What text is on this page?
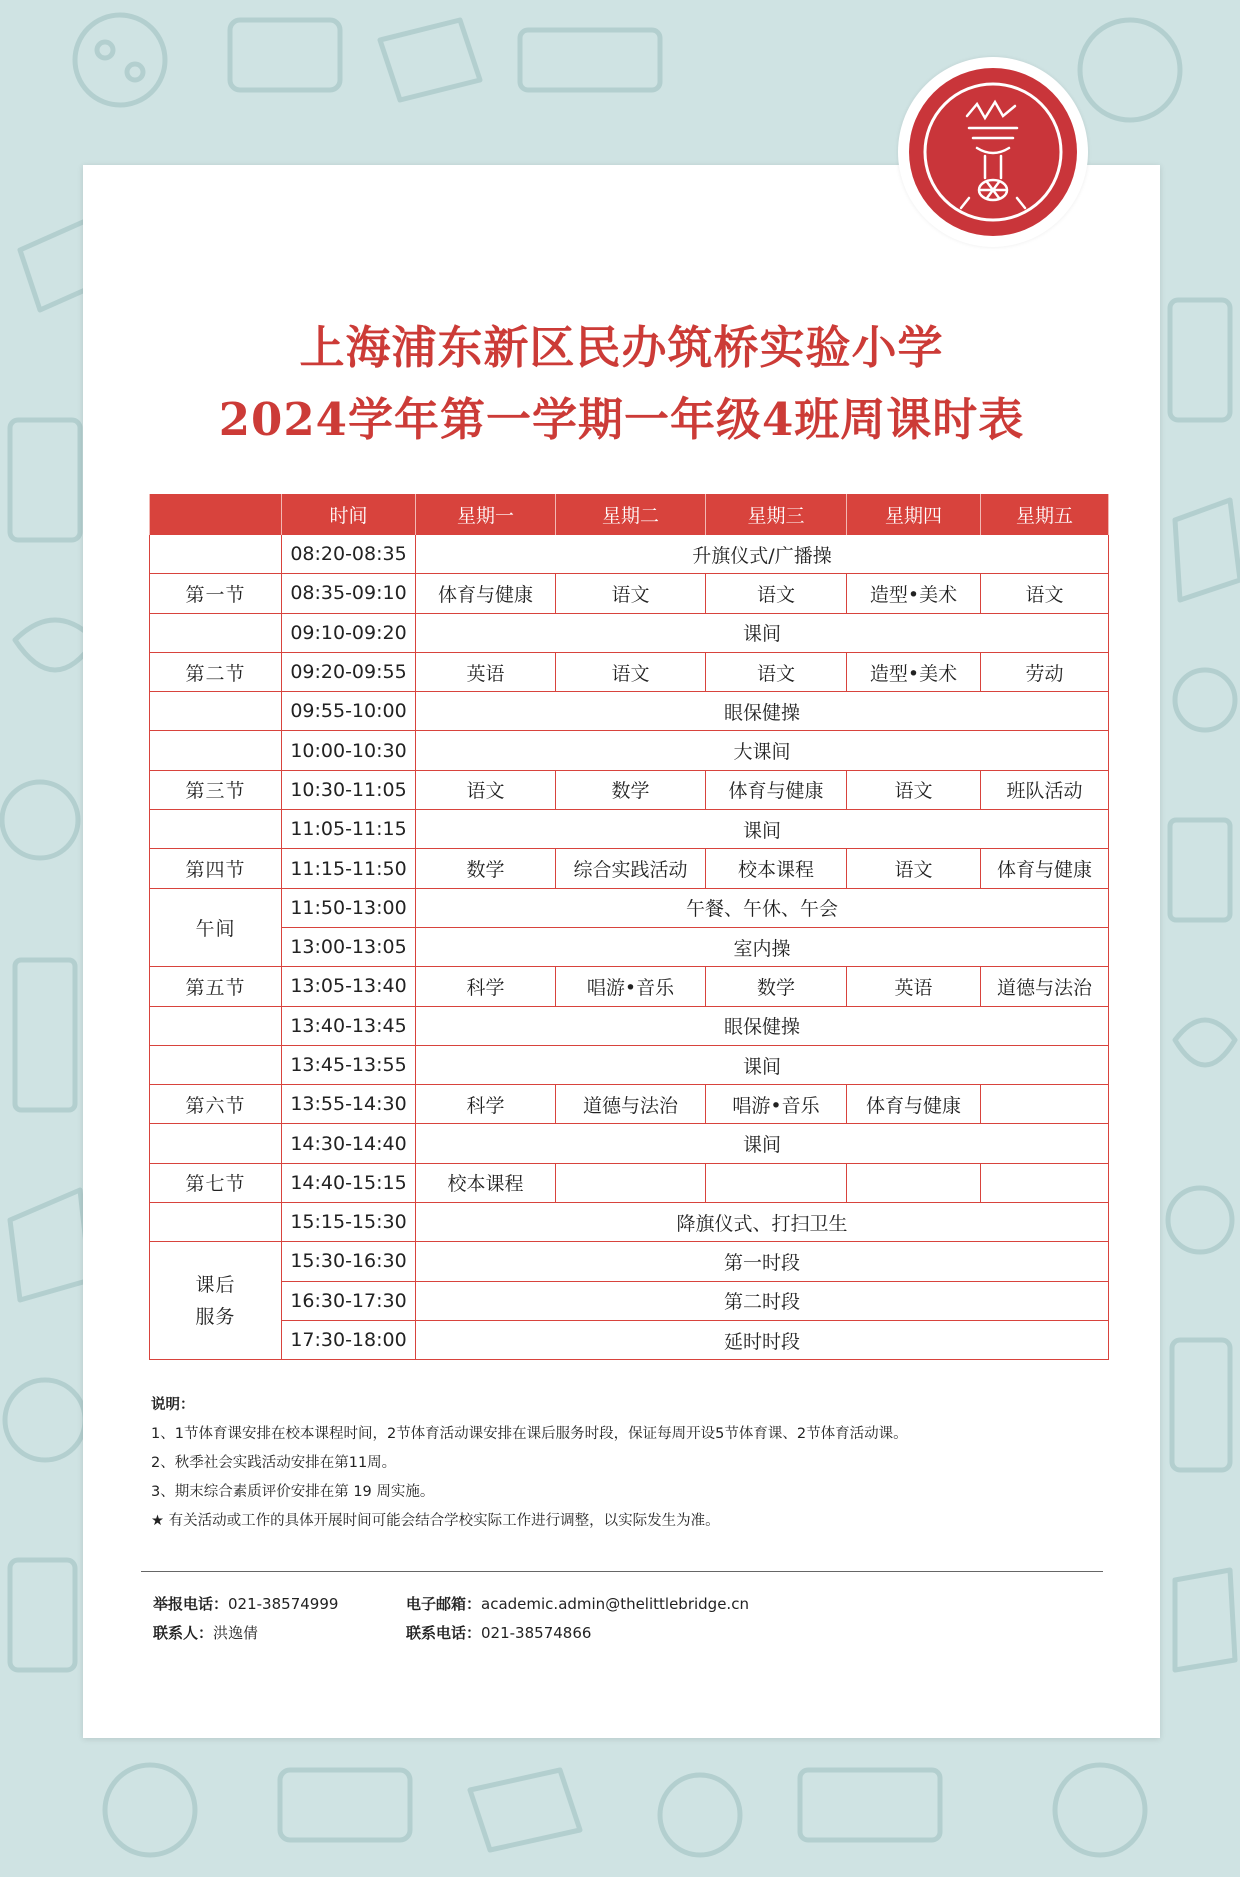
上海浦东新区民办筑桥实验小学
2024学年第一学期一年级4班周课时表
	时间	星期一	星期二	星期三	星期四	星期五
	08:20-08:35	升旗仪式/广播操				
第一节	08:35-09:10	体育与健康	语文	语文	造型•美术	语文
	09:10-09:20	课间				
第二节	09:20-09:55	英语	语文	语文	造型•美术	劳动
	09:55-10:00	眼保健操				
	10:00-10:30	大课间				
第三节	10:30-11:05	语文	数学	体育与健康	语文	班队活动
	11:05-11:15	课间				
第四节	11:15-11:50	数学	综合实践活动	校本课程	语文	体育与健康
午间	11:50-13:00	午餐、午休、午会				
	13:00-13:05	室内操				
第五节	13:05-13:40	科学	唱游•音乐	数学	英语	道德与法治
	13:40-13:45	眼保健操				
	13:45-13:55	课间				
第六节	13:55-14:30	科学	道德与法治	唱游•音乐	体育与健康	
	14:30-14:40	课间				
第七节	14:40-15:15	校本课程				
	15:15-15:30	降旗仪式、打扫卫生				
课后
服务	15:30-16:30	第一时段				
	16:30-17:30	第二时段				
	17:30-18:00	延时时段				
说明：
1、1节体育课安排在校本课程时间，2节体育活动课安排在课后服务时段，保证每周开设5节体育课、2节体育活动课。
2、秋季社会实践活动安排在第11周。
3、期末综合素质评价安排在第 19 周实施。
★ 有关活动或工作的具体开展时间可能会结合学校实际工作进行调整，以实际发生为准。
举报电话：021-38574999	电子邮箱：academic.admin@thelittlebridge.cn
联系人：洪逸倩	联系电话：021-38574866
